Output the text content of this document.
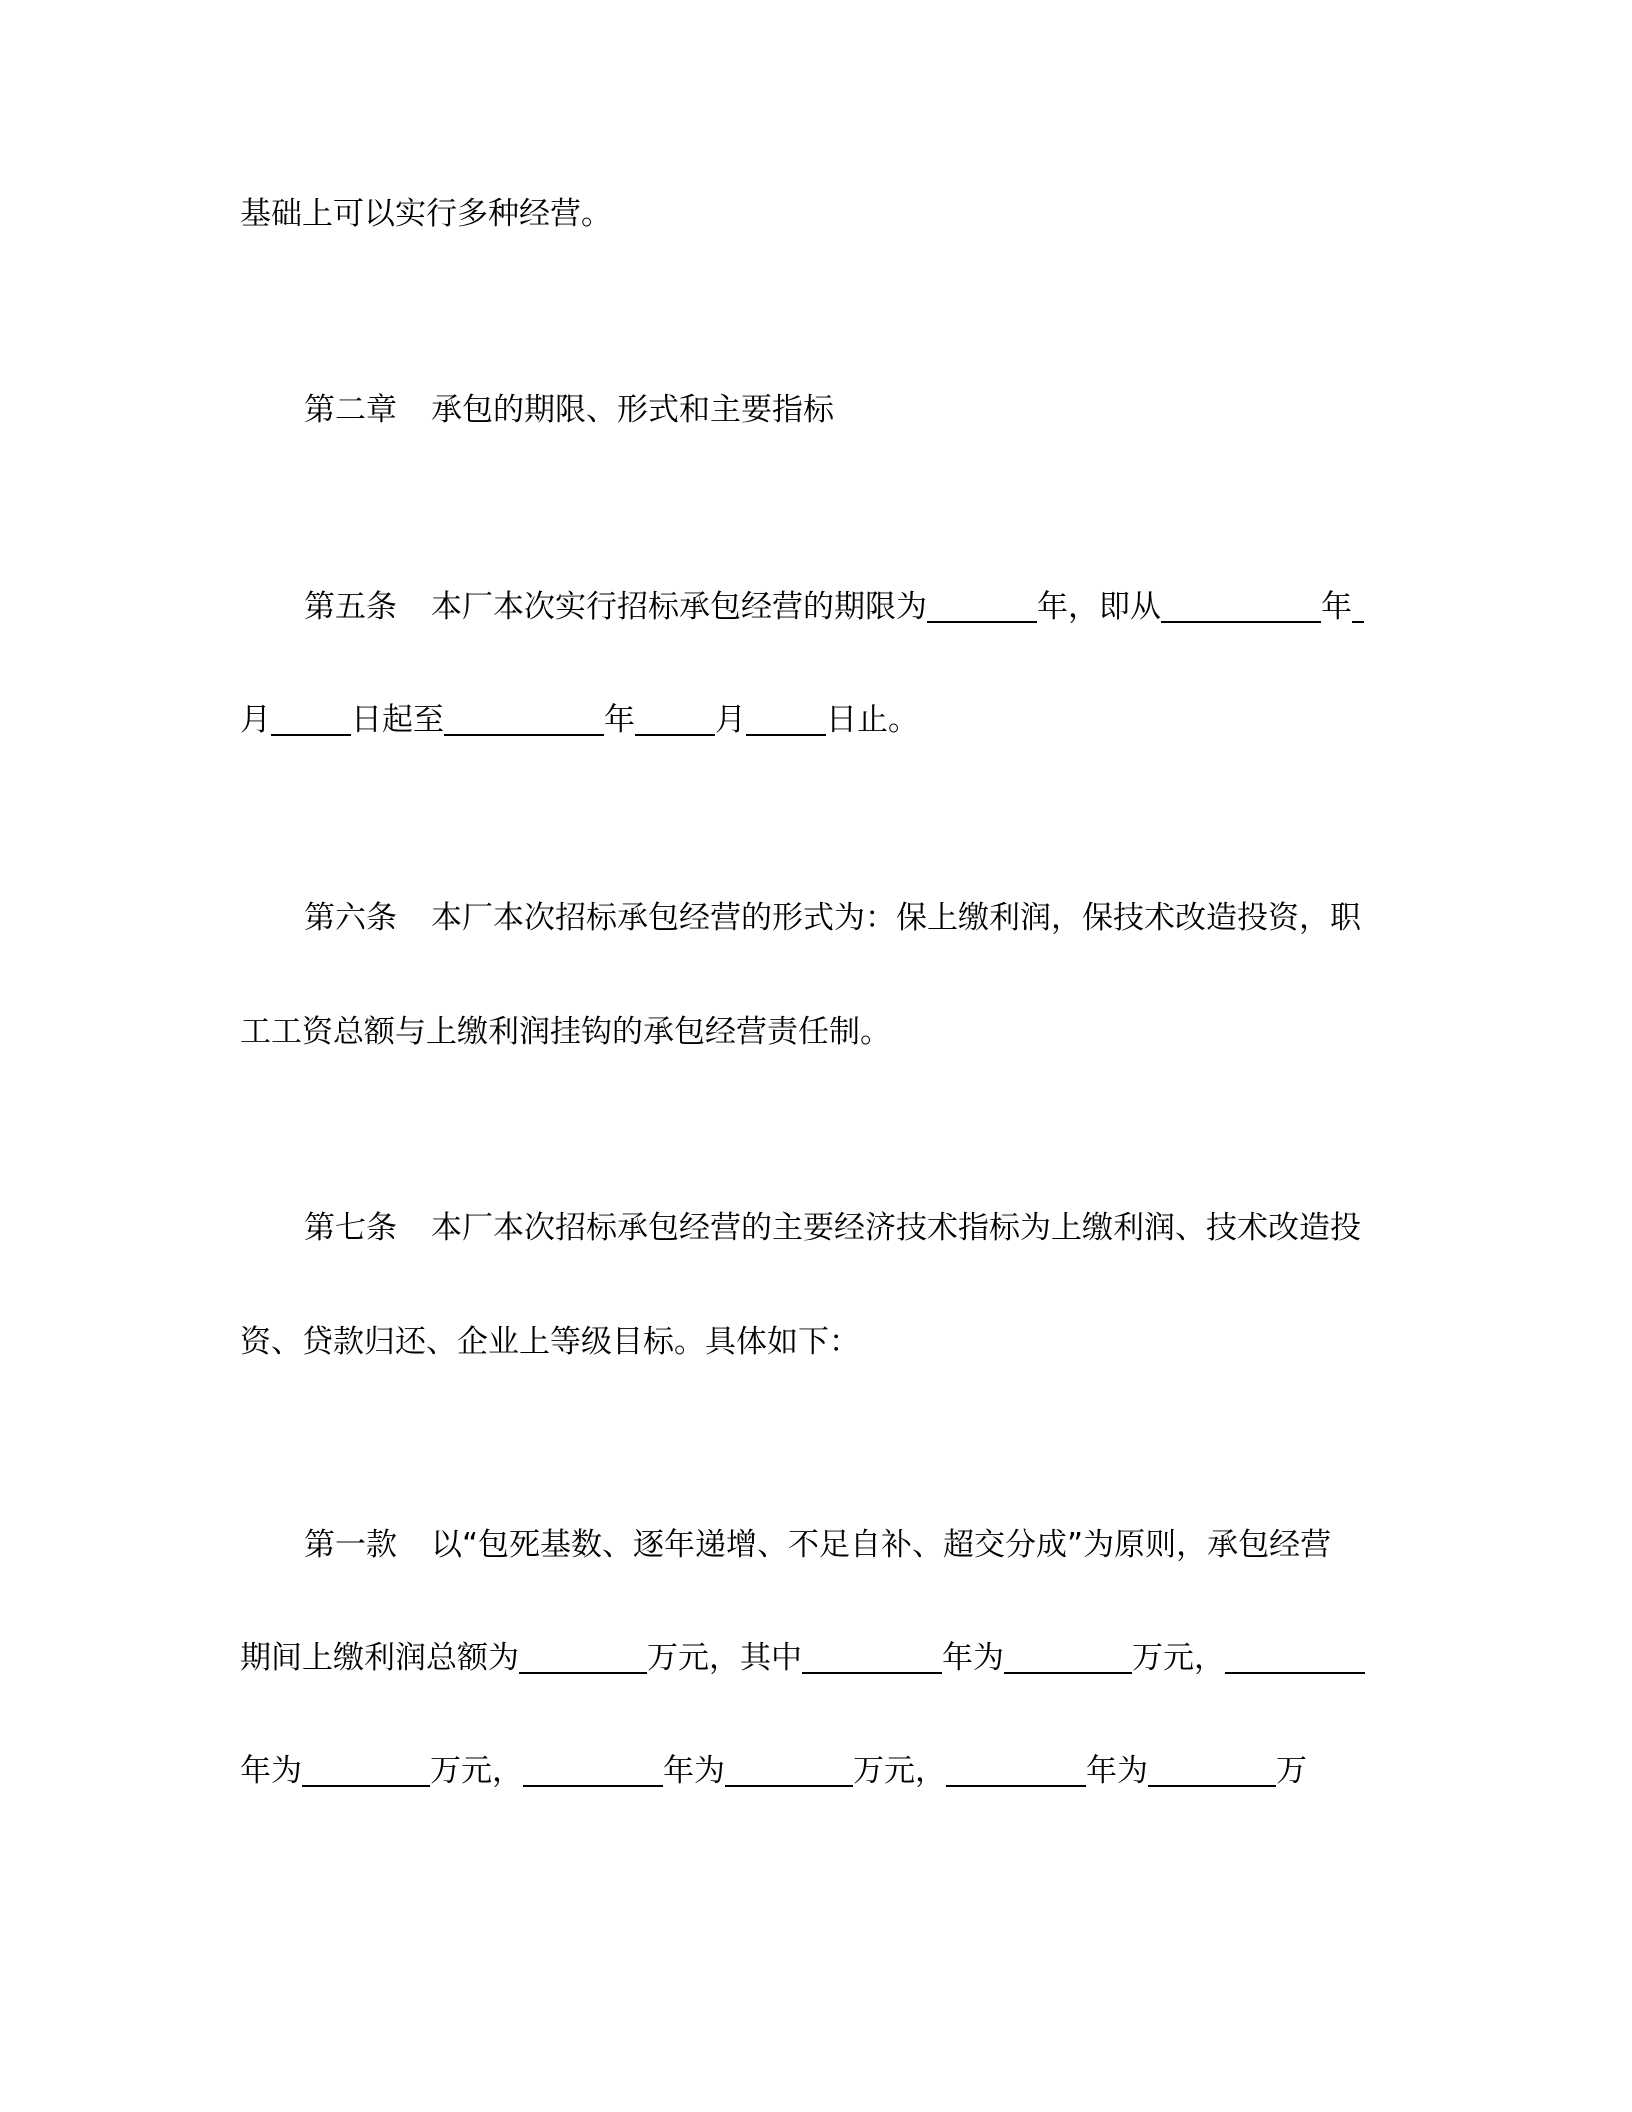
基础上可以实行多种经营。
第二章 承包的期限、形式和主要指标
第五条 本厂本次实行招标承包经营的期限为	年，即从	年
月	日起至	年	月	日止。
第六条 本厂本次招标承包经营的形式为：保上缴利润，保技术改造投资，职
工工资总额与上缴利润挂钩的承包经营责任制。
第七条 本厂本次招标承包经营的主要经济技术指标为上缴利润、技术改造投
资、贷款归还、企业上等级目标。具体如下：
第一款 以“包死基数、逐年递增、不足自补、超交分成”为原则，承包经营
期间上缴利润总额为	万元，其中	年为	万元，
年为	万元，	年为	万元，	年为	万
